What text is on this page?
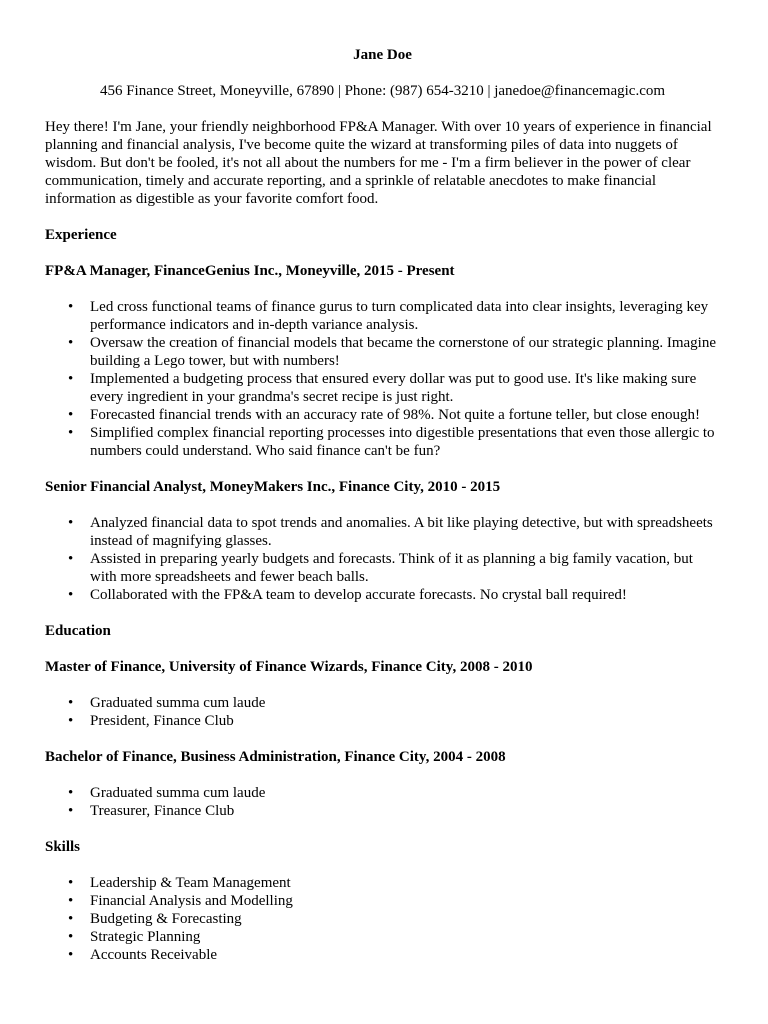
Jane Doe

456 Finance Street, Moneyville, 67890 | Phone: (987) 654-3210 | janedoe@financemagic.com

Hey there! I'm Jane, your friendly neighborhood FP&A Manager. With over 10 years of experience in financial planning and financial analysis, I've become quite the wizard at transforming piles of data into nuggets of wisdom. But don't be fooled, it's not all about the numbers for me - I'm a firm believer in the power of clear communication, timely and accurate reporting, and a sprinkle of relatable anecdotes to make financial information as digestible as your favorite comfort food.

Experience

FP&A Manager, FinanceGenius Inc., Moneyville, 2015 - Present

• Led cross functional teams of finance gurus to turn complicated data into clear insights, leveraging key performance indicators and in-depth variance analysis.
• Oversaw the creation of financial models that became the cornerstone of our strategic planning. Imagine building a Lego tower, but with numbers!
• Implemented a budgeting process that ensured every dollar was put to good use. It's like making sure every ingredient in your grandma's secret recipe is just right.
• Forecasted financial trends with an accuracy rate of 98%. Not quite a fortune teller, but close enough!
• Simplified complex financial reporting processes into digestible presentations that even those allergic to numbers could understand. Who said finance can't be fun?

Senior Financial Analyst, MoneyMakers Inc., Finance City, 2010 - 2015

• Analyzed financial data to spot trends and anomalies. A bit like playing detective, but with spreadsheets instead of magnifying glasses.
• Assisted in preparing yearly budgets and forecasts. Think of it as planning a big family vacation, but with more spreadsheets and fewer beach balls.
• Collaborated with the FP&A team to develop accurate forecasts. No crystal ball required!

Education

Master of Finance, University of Finance Wizards, Finance City, 2008 - 2010

• Graduated summa cum laude
• President, Finance Club

Bachelor of Finance, Business Administration, Finance City, 2004 - 2008

• Graduated summa cum laude
• Treasurer, Finance Club

Skills

• Leadership & Team Management
• Financial Analysis and Modelling
• Budgeting & Forecasting
• Strategic Planning
• Accounts Receivable
